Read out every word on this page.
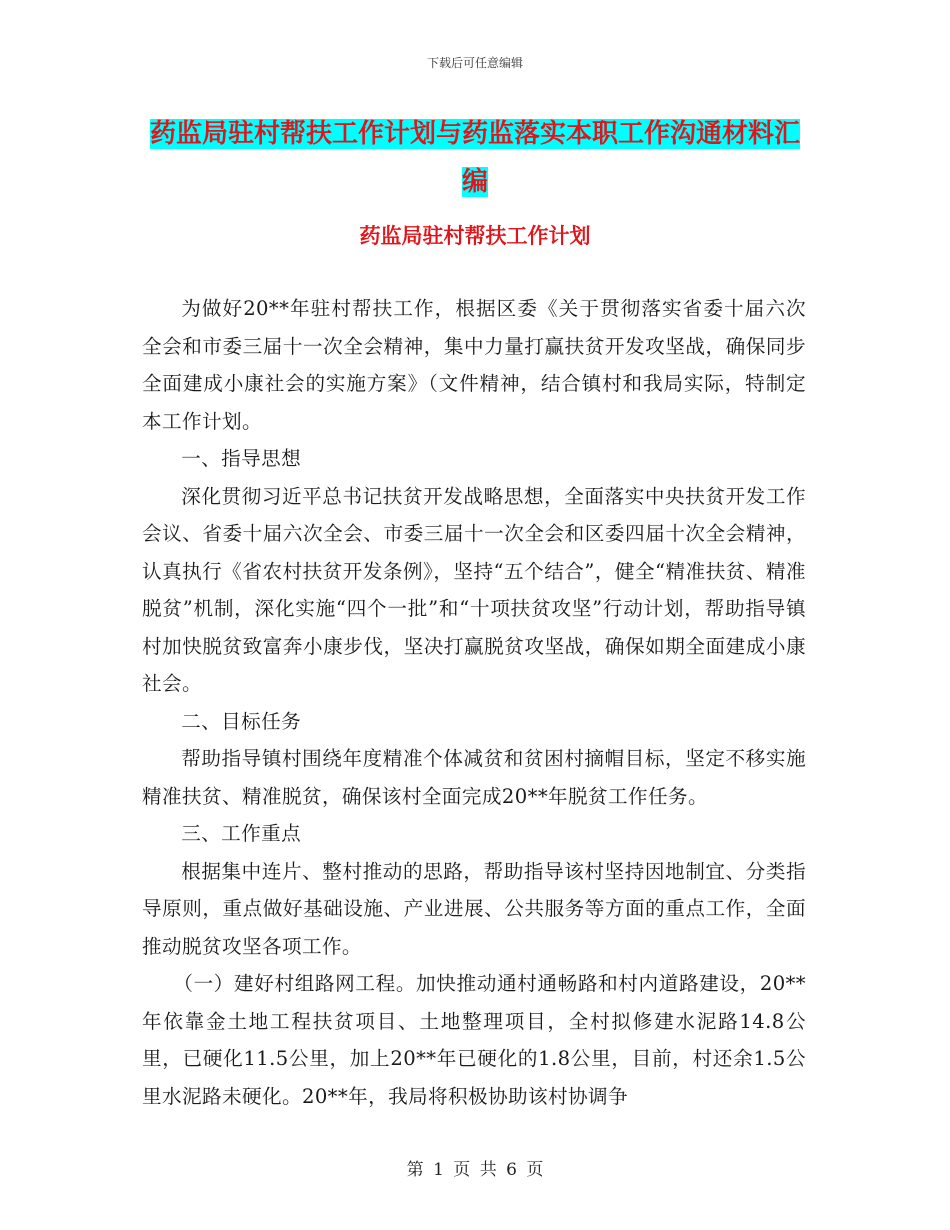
下载后可任意编辑
药监局驻村帮扶工作计划与药监落实本职工作沟通材料汇编
药监局驻村帮扶工作计划

为做好20**年驻村帮扶工作，根据区委《关于贯彻落实省委十届六次全会和市委三届十一次全会精神，集中力量打赢扶贫开发攻坚战，确保同步全面建成小康社会的实施方案》（文件精神，结合镇村和我局实际，特制定本工作计划。

一、指导思想

深化贯彻习近平总书记扶贫开发战略思想，全面落实中央扶贫开发工作会议、省委十届六次全会、市委三届十一次全会和区委四届十次全会精神，认真执行《省农村扶贫开发条例》，坚持“五个结合”，健全“精准扶贫、精准脱贫”机制，深化实施“四个一批”和“十项扶贫攻坚”行动计划，帮助指导镇村加快脱贫致富奔小康步伐，坚决打赢脱贫攻坚战，确保如期全面建成小康社会。

二、目标任务

帮助指导镇村围绕年度精准个体减贫和贫困村摘帽目标，坚定不移实施精准扶贫、精准脱贫，确保该村全面完成20**年脱贫工作任务。

三、工作重点

根据集中连片、整村推动的思路，帮助指导该村坚持因地制宜、分类指导原则，重点做好基础设施、产业进展、公共服务等方面的重点工作，全面推动脱贫攻坚各项工作。

（一）建好村组路网工程。加快推动通村通畅路和村内道路建设，20**年依靠金土地工程扶贫项目、土地整理项目，全村拟修建水泥路14.8公里，已硬化11.5公里，加上20**年已硬化的1.8公里，目前，村还余1.5公里水泥路未硬化。20**年，我局将积极协助该村协调争

第 1 页 共 6 页
